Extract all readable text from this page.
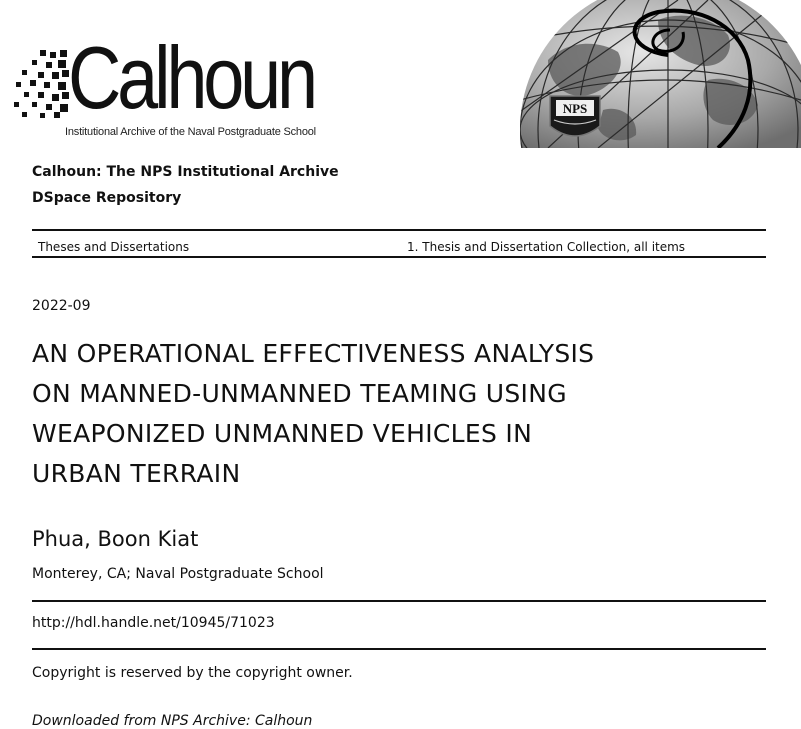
Calhoun
Institutional Archive of the Naval Postgraduate School
NPS
Calhoun: The NPS Institutional Archive
DSpace Repository
Theses and Dissertations	1. Thesis and Dissertation Collection, all items
2022-09
AN OPERATIONAL EFFECTIVENESS ANALYSIS
ON MANNED-UNMANNED TEAMING USING
WEAPONIZED UNMANNED VEHICLES IN
URBAN TERRAIN
Phua, Boon Kiat
Monterey, CA; Naval Postgraduate School
http://hdl.handle.net/10945/71023
Copyright is reserved by the copyright owner.
Downloaded from NPS Archive: Calhoun
